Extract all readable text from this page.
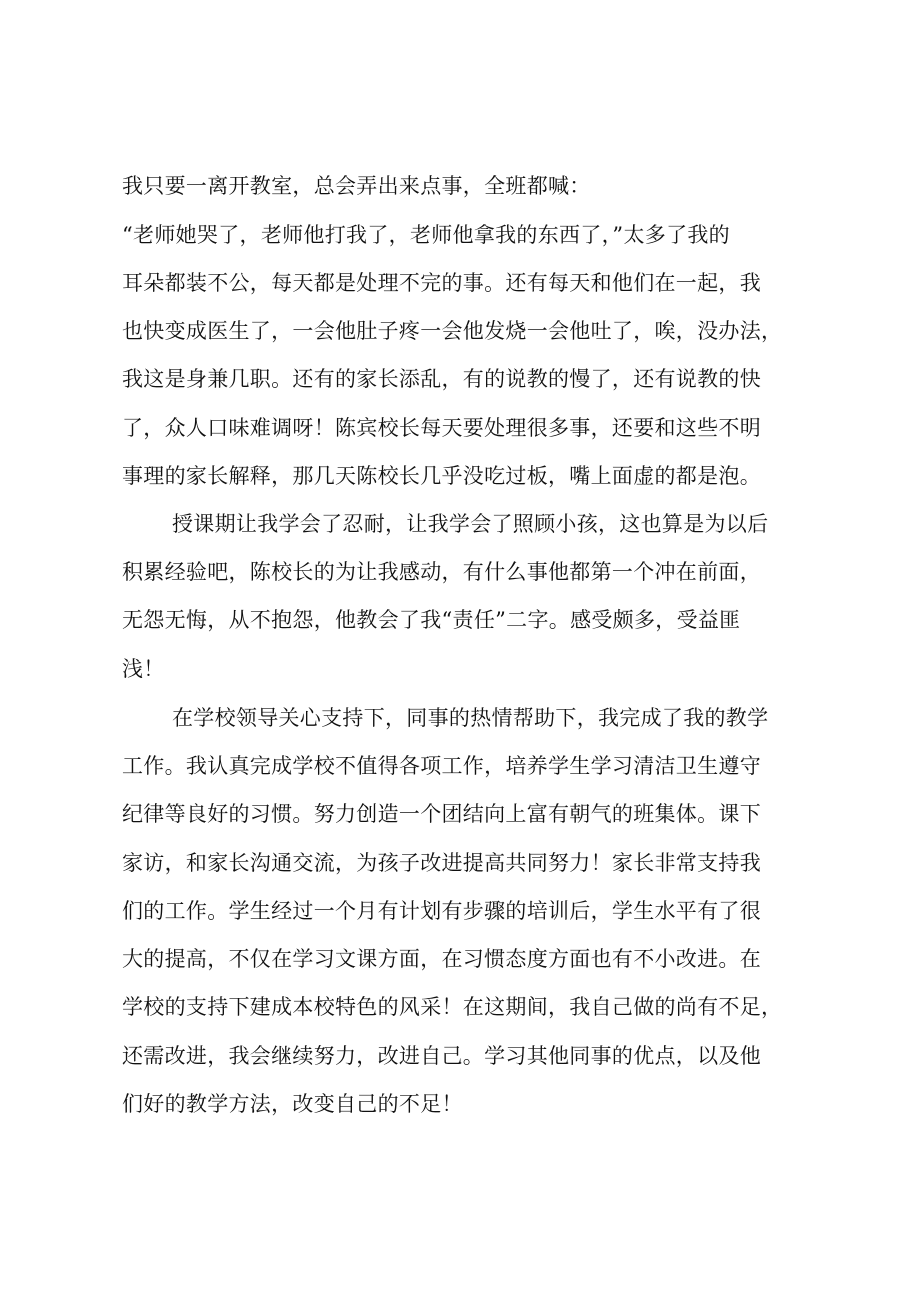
我只要一离开教室，总会弄出来点事，全班都喊：
“老师她哭了，老师他打我了，老师他拿我的东西了，”太多了我的
耳朵都装不公，每天都是处理不完的事。还有每天和他们在一起，我
也快变成医生了，一会他肚子疼一会他发烧一会他吐了，唉，没办法，
我这是身兼几职。还有的家长添乱，有的说教的慢了，还有说教的快
了，众人口味难调呀！陈宾校长每天要处理很多事，还要和这些不明
事理的家长解释，那几天陈校长几乎没吃过板，嘴上面虚的都是泡。
授课期让我学会了忍耐，让我学会了照顾小孩，这也算是为以后
积累经验吧，陈校长的为让我感动，有什么事他都第一个冲在前面，
无怨无悔，从不抱怨，他教会了我“责任”二字。感受颇多，受益匪
浅！
在学校领导关心支持下，同事的热情帮助下，我完成了我的教学
工作。我认真完成学校不值得各项工作，培养学生学习清洁卫生遵守
纪律等良好的习惯。努力创造一个团结向上富有朝气的班集体。课下
家访，和家长沟通交流，为孩子改进提高共同努力！家长非常支持我
们的工作。学生经过一个月有计划有步骤的培训后，学生水平有了很
大的提高，不仅在学习文课方面，在习惯态度方面也有不小改进。在
学校的支持下建成本校特色的风采！在这期间，我自己做的尚有不足，
还需改进，我会继续努力，改进自己。学习其他同事的优点，以及他
们好的教学方法，改变自己的不足！
